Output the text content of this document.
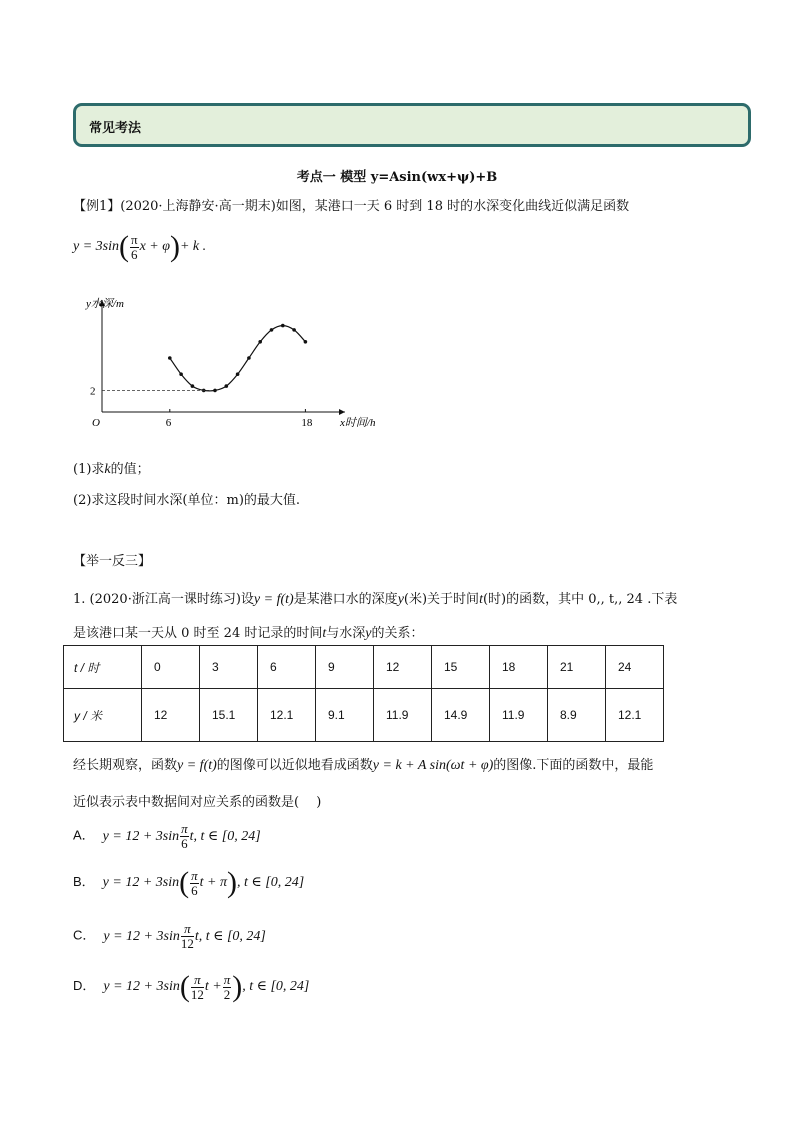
常见考法
考点一 模型 y=Asin(wx+ψ)+B
【例1】(2020·上海静安·高一期末)如图，某港口一天 6 时到 18 时的水深变化曲线近似满足函数
$y = 3\sin( \frac{\pi}{6}$ x + φ)+ k .
y水深/m
x时间/h
O
2
6	18
(1)求k的值；
(2)求这段时间水深(单位：m)的最大值.
【举一反三】
1. (2020·浙江高一课时练习)设y = f(t)是某港口水的深度y(米)关于时间t(时)的函数，其中 0,, t,, 24 .下表
是该港口某一天从 0 时至 24 时记录的时间t与水深y的关系：
t / 时	0	3	6	9	12	15	18	21	24
y / 米	12	15.1	12.1	9.1	11.9	14.9	11.9	8.9	12.1
经长期观察，函数y = f(t)的图像可以近似地看成函数y = k + A sin(ωt + φ)的图像.下面的函数中，最能
近似表示表中数据间对应关系的函数是(　 )
A． $y = 12 + 3\sin \frac{\pi}{6} t$, t ∈ [0, 24]
B． $y = 12 + 3\sin( \frac{\pi}{6}$ t + π), t ∈ [0, 24]
C． $y = 12 + 3\sin \frac{\pi}{12} t$, t ∈ [0, 24]
D． $y = 12 + 3\sin( \frac{\pi}{12}$ $t + \frac{\pi}{2}$ ), t ∈ [0, 24]
